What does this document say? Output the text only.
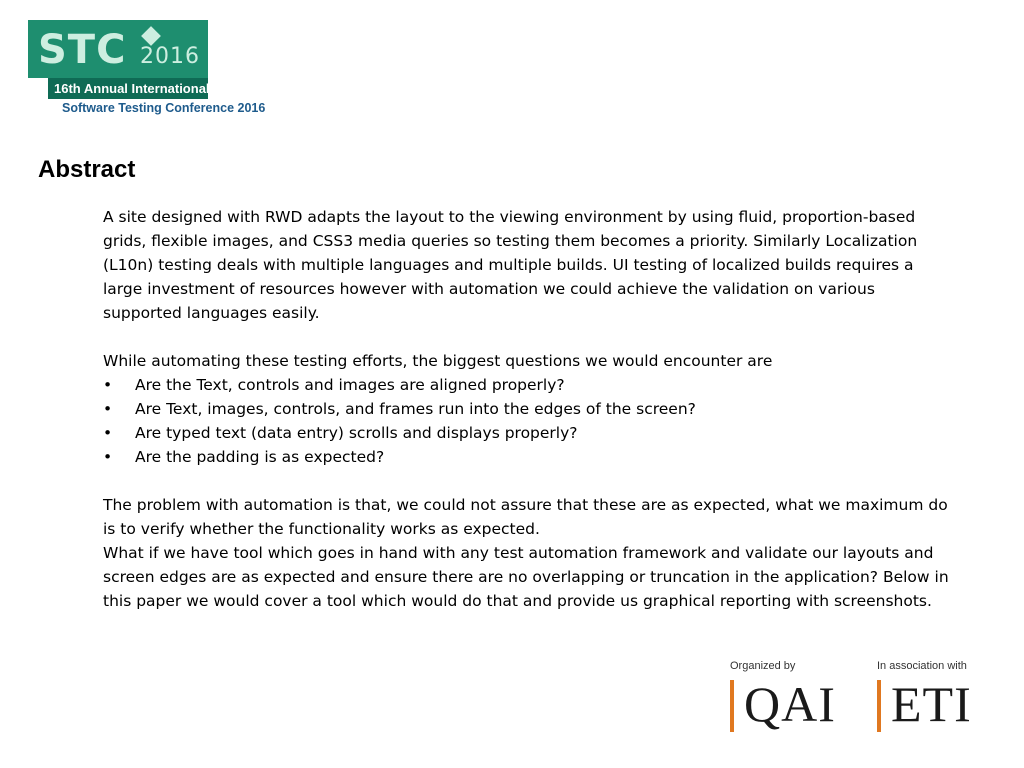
STC 2016
16th Annual International
Software Testing Conference 2016
Abstract

A site designed with RWD adapts the layout to the viewing environment by using fluid, proportion-based grids, flexible images, and CSS3 media queries so testing them becomes a priority. Similarly Localization (L10n) testing deals with multiple languages and multiple builds. UI testing of localized builds requires a large investment of resources however with automation we could achieve the validation on various supported languages easily.

While automating these testing efforts, the biggest questions we would encounter are

• Are the Text, controls and images are aligned properly?
• Are Text, images, controls, and frames run into the edges of the screen?
• Are typed text (data entry) scrolls and displays properly?
• Are the padding is as expected?

The problem with automation is that, we could not assure that these are as expected, what we maximum do is to verify whether the functionality works as expected.

What if we have tool which goes in hand with any test automation framework and validate our layouts and screen edges are as expected and ensure there are no overlapping or truncation in the application? Below in this paper we would cover a tool which would do that and provide us graphical reporting with screenshots.

Organized by
QAI
In association with
ETI
